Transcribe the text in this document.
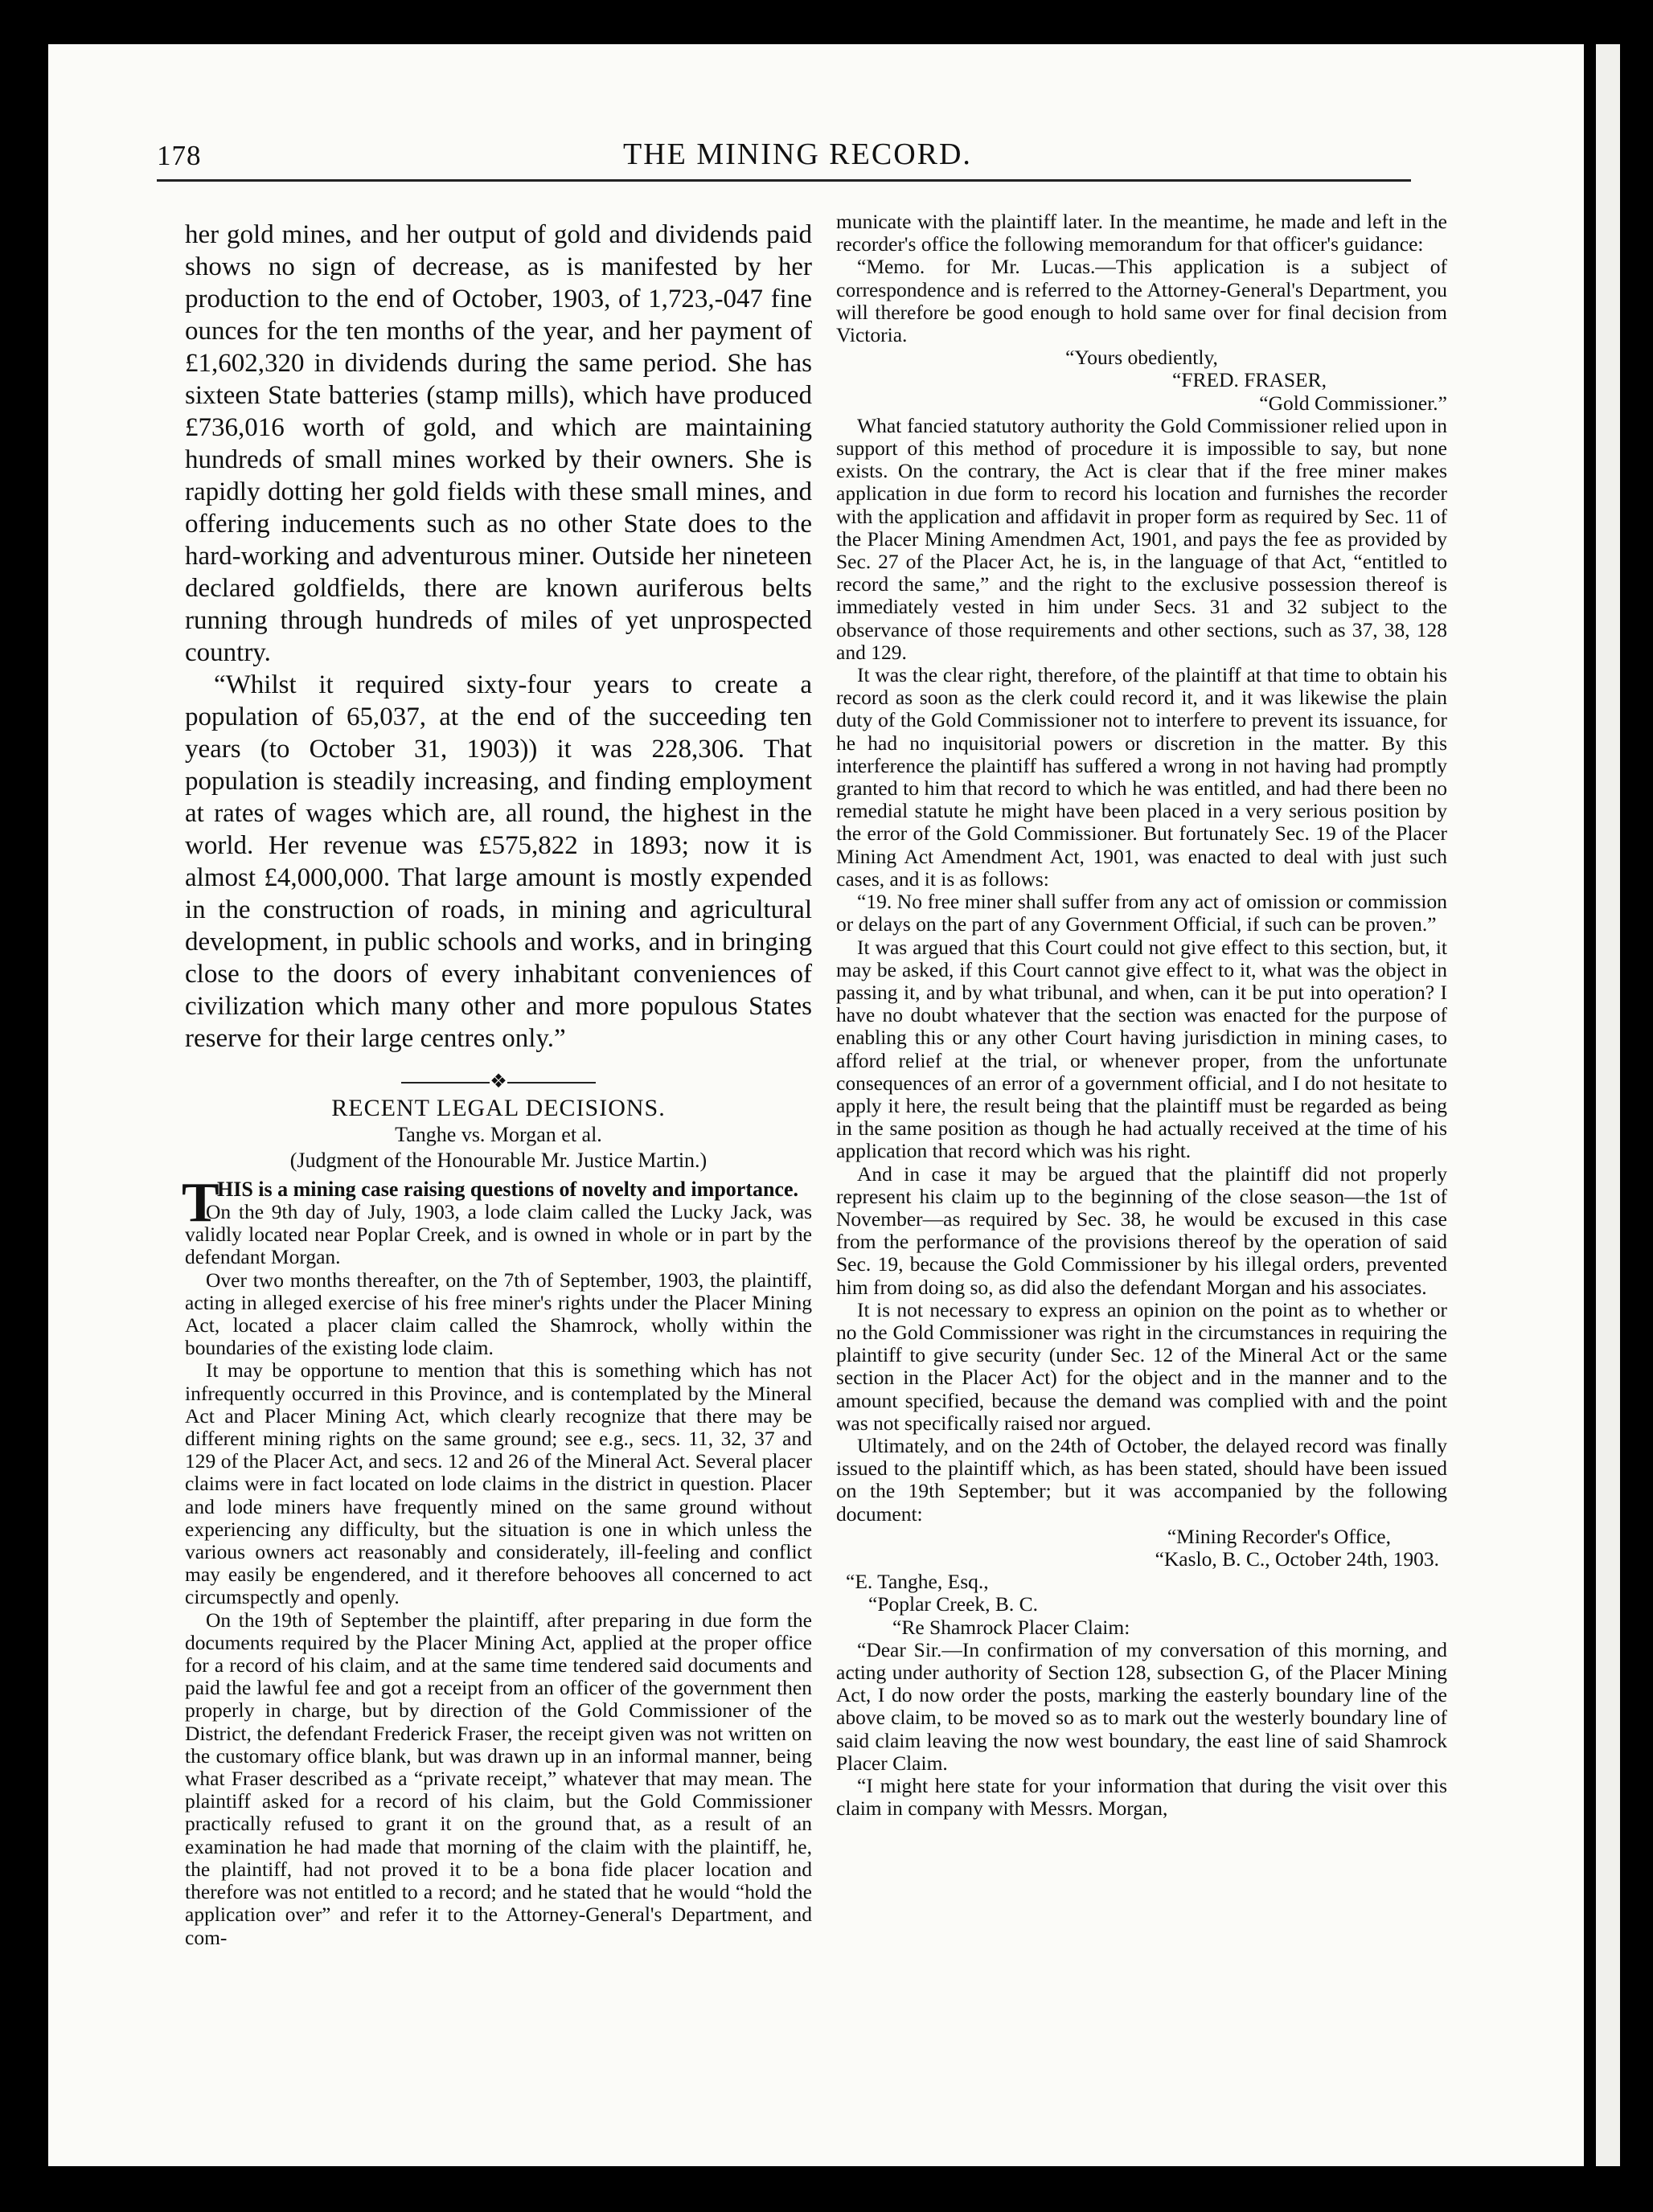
178	THE MINING RECORD.

her gold mines, and her output of gold and dividends paid shows no sign of decrease, as is manifested by her production to the end of October, 1903, of 1,723,-047 fine ounces for the ten months of the year, and her payment of £1,602,320 in dividends during the same period. She has sixteen State batteries (stamp mills), which have produced £736,016 worth of gold, and which are maintaining hundreds of small mines worked by their owners. She is rapidly dotting her gold fields with these small mines, and offering inducements such as no other State does to the hard-working and adventurous miner. Outside her nineteen declared goldfields, there are known auriferous belts running through hundreds of miles of yet unprospected country.

“Whilst it required sixty-four years to create a population of 65,037, at the end of the succeeding ten years (to October 31, 1903)) it was 228,306. That population is steadily increasing, and finding employment at rates of wages which are, all round, the highest in the world. Her revenue was £575,822 in 1893; now it is almost £4,000,000. That large amount is mostly expended in the construction of roads, in mining and agricultural development, in public schools and works, and in bringing close to the doors of every inhabitant conveniences of civilization which many other and more populous States reserve for their large centres only.”

❖
RECENT LEGAL DECISIONS.
Tanghe vs. Morgan et al.
(Judgment of the Honourable Mr. Justice Martin.)
T
HIS is a mining case raising questions of novelty and importance.

On the 9th day of July, 1903, a lode claim called the Lucky Jack, was validly located near Poplar Creek, and is owned in whole or in part by the defendant Morgan.

Over two months thereafter, on the 7th of September, 1903, the plaintiff, acting in alleged exercise of his free miner's rights under the Placer Mining Act, located a placer claim called the Shamrock, wholly within the boundaries of the existing lode claim.

It may be opportune to mention that this is something which has not infrequently occurred in this Province, and is contemplated by the Mineral Act and Placer Mining Act, which clearly recognize that there may be different mining rights on the same ground; see e.g., secs. 11, 32, 37 and 129 of the Placer Act, and secs. 12 and 26 of the Mineral Act. Several placer claims were in fact located on lode claims in the district in question. Placer and lode miners have frequently mined on the same ground without experiencing any difficulty, but the situation is one in which unless the various owners act reasonably and considerately, ill-feeling and conflict may easily be engendered, and it therefore behooves all concerned to act circumspectly and openly.

On the 19th of September the plaintiff, after preparing in due form the documents required by the Placer Mining Act, applied at the proper office for a record of his claim, and at the same time tendered said documents and paid the lawful fee and got a receipt from an officer of the government then properly in charge, but by direction of the Gold Commissioner of the District, the defendant Frederick Fraser, the receipt given was not written on the customary office blank, but was drawn up in an informal manner, being what Fraser described as a “private receipt,” whatever that may mean. The plaintiff asked for a record of his claim, but the Gold Commissioner practically refused to grant it on the ground that, as a result of an examination he had made that morning of the claim with the plaintiff, he, the plaintiff, had not proved it to be a bona fide placer location and therefore was not entitled to a record; and he stated that he would “hold the application over” and refer it to the Attorney-General's Department, and com-

municate with the plaintiff later. In the meantime, he made and left in the recorder's office the following memorandum for that officer's guidance:

“Memo. for Mr. Lucas.—This application is a subject of correspondence and is referred to the Attorney-General's Department, you will therefore be good enough to hold same over for final decision from Victoria.

“Yours obediently,

“FRED. FRASER,

“Gold Commissioner.”

What fancied statutory authority the Gold Commissioner relied upon in support of this method of procedure it is impossible to say, but none exists. On the contrary, the Act is clear that if the free miner makes application in due form to record his location and furnishes the recorder with the application and affidavit in proper form as required by Sec. 11 of the Placer Mining Amendmen Act, 1901, and pays the fee as provided by Sec. 27 of the Placer Act, he is, in the language of that Act, “entitled to record the same,” and the right to the exclusive possession thereof is immediately vested in him under Secs. 31 and 32 subject to the observance of those requirements and other sections, such as 37, 38, 128 and 129.

It was the clear right, therefore, of the plaintiff at that time to obtain his record as soon as the clerk could record it, and it was likewise the plain duty of the Gold Commissioner not to interfere to prevent its issuance, for he had no inquisitorial powers or discretion in the matter. By this interference the plaintiff has suffered a wrong in not having had promptly granted to him that record to which he was entitled, and had there been no remedial statute he might have been placed in a very serious position by the error of the Gold Commissioner. But fortunately Sec. 19 of the Placer Mining Act Amendment Act, 1901, was enacted to deal with just such cases, and it is as follows:

“19. No free miner shall suffer from any act of omission or commission or delays on the part of any Government Official, if such can be proven.”

It was argued that this Court could not give effect to this section, but, it may be asked, if this Court cannot give effect to it, what was the object in passing it, and by what tribunal, and when, can it be put into operation? I have no doubt whatever that the section was enacted for the purpose of enabling this or any other Court having jurisdiction in mining cases, to afford relief at the trial, or whenever proper, from the unfortunate consequences of an error of a government official, and I do not hesitate to apply it here, the result being that the plaintiff must be regarded as being in the same position as though he had actually received at the time of his application that record which was his right.

And in case it may be argued that the plaintiff did not properly represent his claim up to the beginning of the close season—the 1st of November—as required by Sec. 38, he would be excused in this case from the performance of the provisions thereof by the operation of said Sec. 19, because the Gold Commissioner by his illegal orders, prevented him from doing so, as did also the defendant Morgan and his associates.

It is not necessary to express an opinion on the point as to whether or no the Gold Commissioner was right in the circumstances in requiring the plaintiff to give security (under Sec. 12 of the Mineral Act or the same section in the Placer Act) for the object and in the manner and to the amount specified, because the demand was complied with and the point was not specifically raised nor argued.

Ultimately, and on the 24th of October, the delayed record was finally issued to the plaintiff which, as has been stated, should have been issued on the 19th September; but it was accompanied by the following document:

“Mining Recorder's Office,

“Kaslo, B. C., October 24th, 1903.

“E. Tanghe, Esq.,

“Poplar Creek, B. C.

“Re Shamrock Placer Claim:

“Dear Sir.—In confirmation of my conversation of this morning, and acting under authority of Section 128, subsection G, of the Placer Mining Act, I do now order the posts, marking the easterly boundary line of the above claim, to be moved so as to mark out the westerly boundary line of said claim leaving the now west boundary, the east line of said Shamrock Placer Claim.

“I might here state for your information that during the visit over this claim in company with Messrs. Morgan,
